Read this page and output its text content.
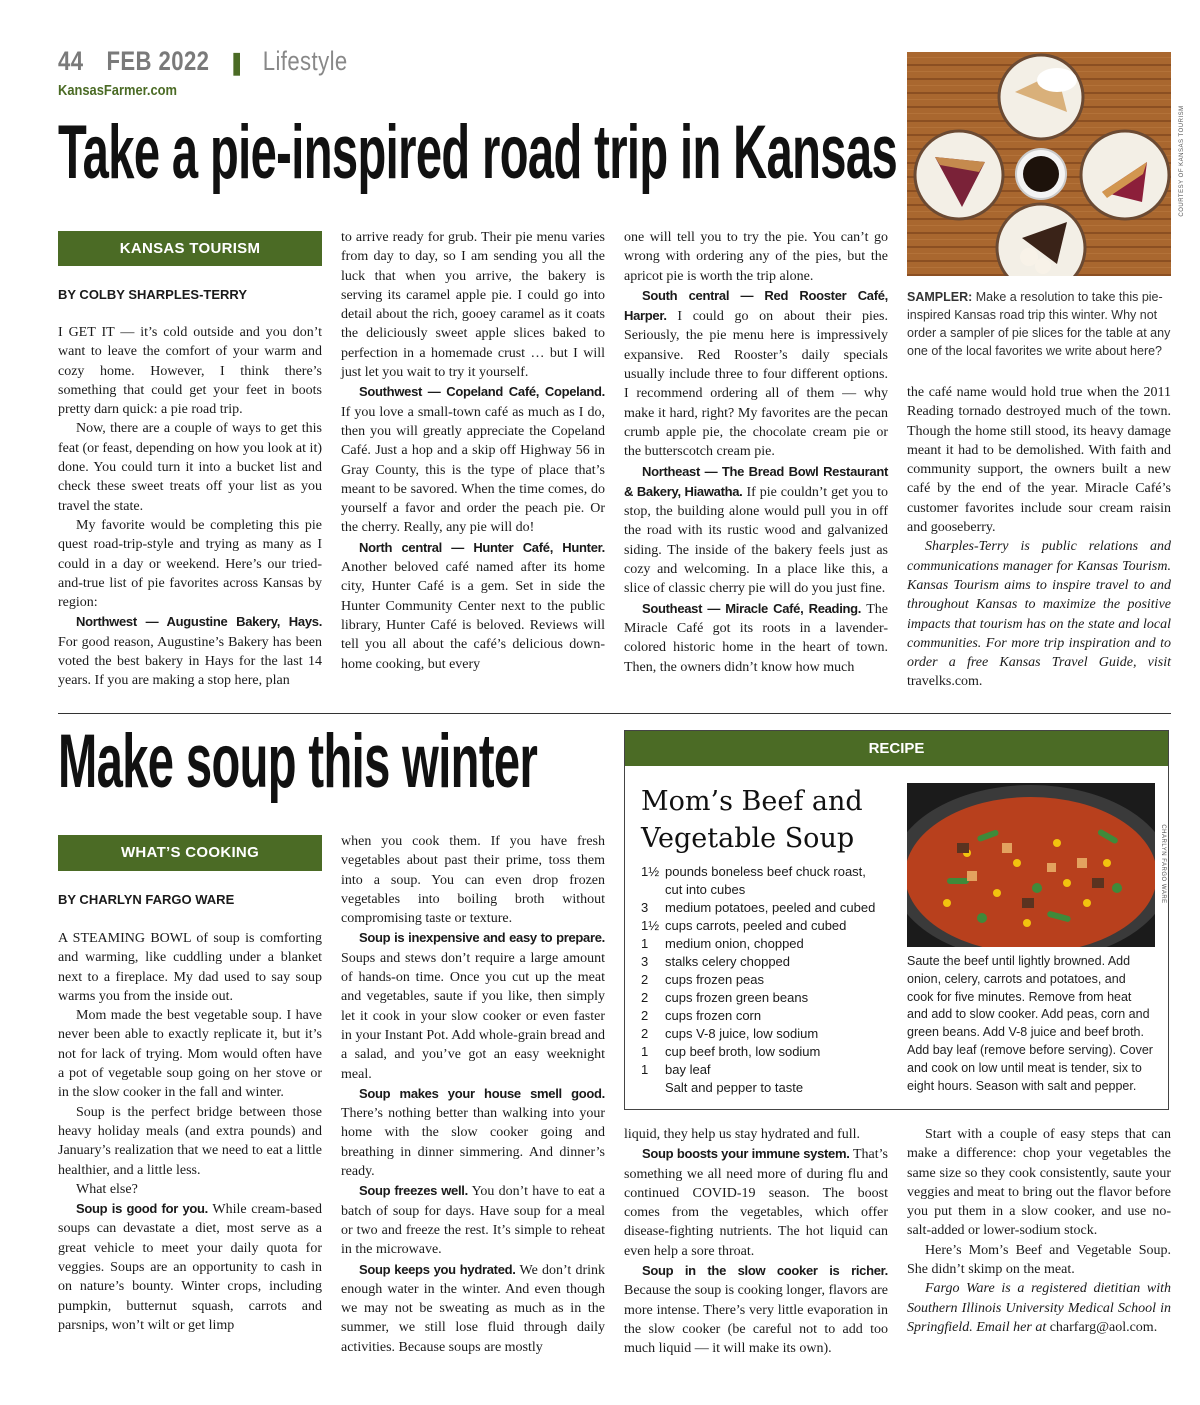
44 FEB 2022 ❚ Lifestyle
KansasFarmer.com
Take a pie-inspired road trip in Kansas	COURTESY OF KANSAS TOURISM
SAMPLER: Make a resolution to take this pie-inspired Kansas road trip this winter. Why not order a sampler of pie slices for the table at any one of the local favorites we write about here?
KANSAS TOURISM
BY COLBY SHARPLES-TERRY

I GET IT — it’s cold outside and you don’t want to leave the comfort of your warm and cozy home. However, I think there’s something that could get your feet in boots pretty darn quick: a pie road trip.

Now, there are a couple of ways to get this feat (or feast, depending on how you look at it) done. You could turn it into a bucket list and check these sweet treats off your list as you travel the state.

My favorite would be completing this pie quest road-trip-style and trying as many as I could in a day or weekend. Here’s our tried-and-true list of pie favorites across Kansas by region:

Northwest — Augustine Bakery, Hays. For good reason, Augustine’s Bakery has been voted the best bakery in Hays for the last 14 years. If you are making a stop here, plan

to arrive ready for grub. Their pie menu varies from day to day, so I am sending you all the luck that when you arrive, the bakery is serving its caramel apple pie. I could go into detail about the rich, gooey caramel as it coats the deliciously sweet apple slices baked to perfection in a homemade crust … but I will just let you wait to try it yourself.

Southwest — Copeland Café, Copeland. If you love a small-town café as much as I do, then you will greatly appreciate the Copeland Café. Just a hop and a skip off Highway 56 in Gray County, this is the type of place that’s meant to be savored. When the time comes, do yourself a favor and order the peach pie. Or the cherry. Really, any pie will do!

North central — Hunter Café, Hunter. Another beloved café named after its home city, Hunter Café is a gem. Set in side the Hunter Community Center next to the public library, Hunter Café is beloved. Reviews will tell you all about the café’s delicious down-home cooking, but every

one will tell you to try the pie. You can’t go wrong with ordering any of the pies, but the apricot pie is worth the trip alone.

South central — Red Rooster Café, Harper. I could go on about their pies. Seriously, the pie menu here is impressively expansive. Red Rooster’s daily specials usually include three to four different options. I recommend ordering all of them — why make it hard, right? My favorites are the pecan crumb apple pie, the chocolate cream pie or the butterscotch cream pie.

Northeast — The Bread Bowl Restaurant & Bakery, Hiawatha. If pie couldn’t get you to stop, the building alone would pull you in off the road with its rustic wood and galvanized siding. The inside of the bakery feels just as cozy and welcoming. In a place like this, a slice of classic cherry pie will do you just fine.

Southeast — Miracle Café, Reading. The Miracle Café got its roots in a lavender-colored historic home in the heart of town. Then, the owners didn’t know how much

the café name would hold true when the 2011 Reading tornado destroyed much of the town. Though the home still stood, its heavy damage meant it had to be demolished. With faith and community support, the owners built a new café by the end of the year. Miracle Café’s customer favorites include sour cream raisin and gooseberry.

Sharples-Terry is public relations and communications manager for Kansas Tourism. Kansas Tourism aims to inspire travel to and throughout Kansas to maximize the positive impacts that tourism has on the state and local communities. For more trip inspiration and to order a free Kansas Travel Guide, visit travelks.com.

Make soup this winter
WHAT’S COOKING
BY CHARLYN FARGO WARE

A STEAMING BOWL of soup is comforting and warming, like cuddling under a blanket next to a fireplace. My dad used to say soup warms you from the inside out.

Mom made the best vegetable soup. I have never been able to exactly replicate it, but it’s not for lack of trying. Mom would often have a pot of vegetable soup going on her stove or in the slow cooker in the fall and winter.

Soup is the perfect bridge between those heavy holiday meals (and extra pounds) and January’s realization that we need to eat a little healthier, and a little less.

What else?

Soup is good for you. While cream-based soups can devastate a diet, most serve as a great vehicle to meet your daily quota for veggies. Soups are an opportunity to cash in on nature’s bounty. Winter crops, including pumpkin, butternut squash, carrots and parsnips, won’t wilt or get limp

when you cook them. If you have fresh vegetables about past their prime, toss them into a soup. You can even drop frozen vegetables into boiling broth without compromising taste or texture.

Soup is inexpensive and easy to prepare. Soups and stews don’t require a large amount of hands-on time. Once you cut up the meat and vegetables, saute if you like, then simply let it cook in your slow cooker or even faster in your Instant Pot. Add whole-grain bread and a salad, and you’ve got an easy weeknight meal.

Soup makes your house smell good. There’s nothing better than walking into your home with the slow cooker going and breathing in dinner simmering. And dinner’s ready.

Soup freezes well. You don’t have to eat a batch of soup for days. Have soup for a meal or two and freeze the rest. It’s simple to reheat in the microwave.

Soup keeps you hydrated. We don’t drink enough water in the winter. And even though we may not be sweating as much as in the summer, we still lose fluid through daily activities. Because soups are mostly

RECIPE
Mom’s Beef and
Vegetable Soup
1½ pounds boneless beef chuck roast,
cut into cubes
3	medium potatoes, peeled and cubed
1½ cups carrots, peeled and cubed
1	medium onion, chopped
3	stalks celery chopped
2	cups frozen peas
2	cups frozen green beans
2	cups frozen corn
2	cups V-8 juice, low sodium
1	cup beef broth, low sodium
1	bay leaf
Salt and pepper to taste
CHARLYN FARGO WARE
Saute the beef until lightly browned. Add onion, celery, carrots and potatoes, and cook for five minutes. Remove from heat and add to slow cooker. Add peas, corn and green beans. Add V-8 juice and beef broth. Add bay leaf (remove before serving). Cover and cook on low until meat is tender, six to eight hours. Season with salt and pepper.

liquid, they help us stay hydrated and full.

Soup boosts your immune system. That’s something we all need more of during flu and continued COVID-19 season. The boost comes from the vegetables, which offer disease-fighting nutrients. The hot liquid can even help a sore throat.

Soup in the slow cooker is richer. Because the soup is cooking longer, flavors are more intense. There’s very little evaporation in the slow cooker (be careful not to add too much liquid — it will make its own).

Start with a couple of easy steps that can make a difference: chop your vegetables the same size so they cook consistently, saute your veggies and meat to bring out the flavor before you put them in a slow cooker, and use no-salt-added or lower-sodium stock.

Here’s Mom’s Beef and Vegetable Soup. She didn’t skimp on the meat.

Fargo Ware is a registered dietitian with Southern Illinois University Medical School in Springfield. Email her at charfarg@aol.com.
